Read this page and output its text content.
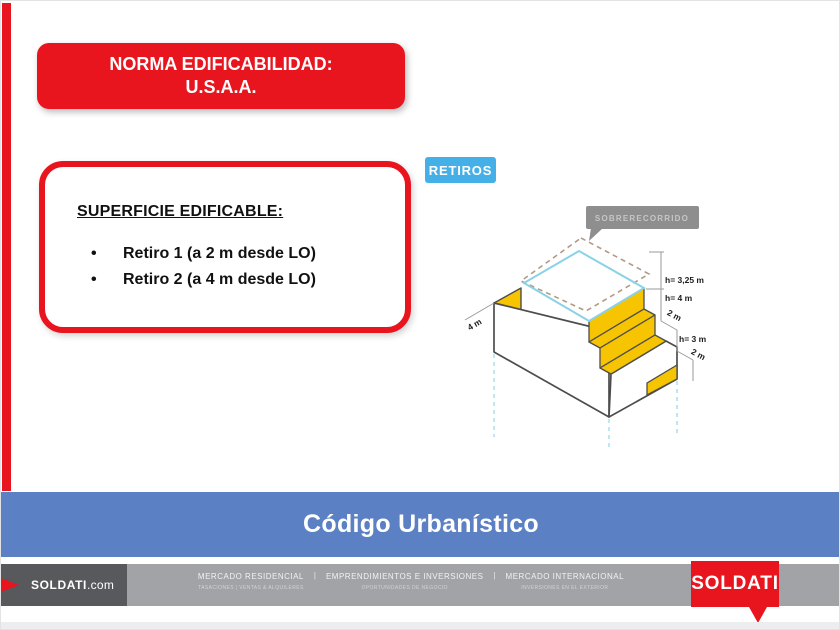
NORMA EDIFICABILIDAD:
U.S.A.A.
SUPERFICIE EDIFICABLE:
• Retiro 1 (a 2 m desde LO)
• Retiro 2 (a 4 m desde LO)
RETIROS
SOBRERECORRIDO
4 m
h= 3,25 m
h= 4 m
2 m
h= 3 m
2 m
Código Urbanístico
SOLDATI .com
MERCADO RESIDENCIAL
TASACIONES | VENTAS & ALQUILERES
| EMPRENDIMIENTOS E INVERSIONES
OPORTUNIDADES DE NEGOCIO
| MERCADO INTERNACIONAL
INVERSIONES EN EL EXTERIOR	SOLDATI
